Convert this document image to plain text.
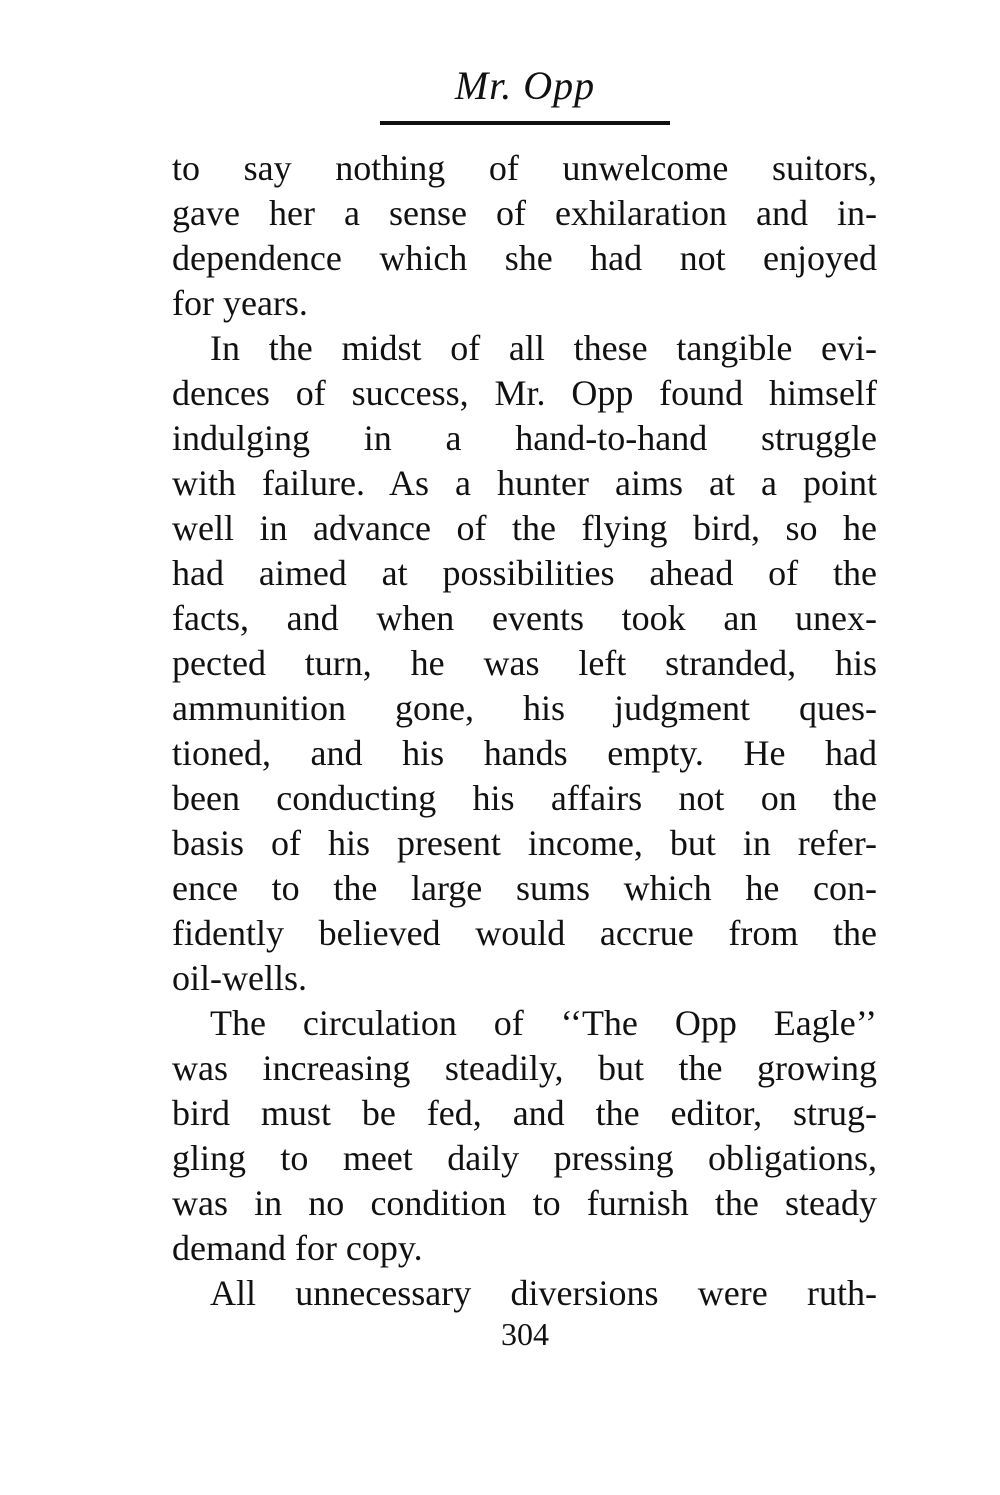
Mr. Opp
to say nothing of unwelcome suitors,
gave her a sense of exhilaration and in-
dependence which she had not enjoyed
for years.
In the midst of all these tangible evi-
dences of success, Mr. Opp found himself
indulging in a hand-to-hand struggle
with failure. As a hunter aims at a point
well in advance of the flying bird, so he
had aimed at possibilities ahead of the
facts, and when events took an unex-
pected turn, he was left stranded, his
ammunition gone, his judgment ques-
tioned, and his hands empty. He had
been conducting his affairs not on the
basis of his present income, but in refer-
ence to the large sums which he con-
fidently believed would accrue from the
oil-wells.
The circulation of ‘‘The Opp Eagle’’
was increasing steadily, but the growing
bird must be fed, and the editor, strug-
gling to meet daily pressing obligations,
was in no condition to furnish the steady
demand for copy.
All unnecessary diversions were ruth-
304
